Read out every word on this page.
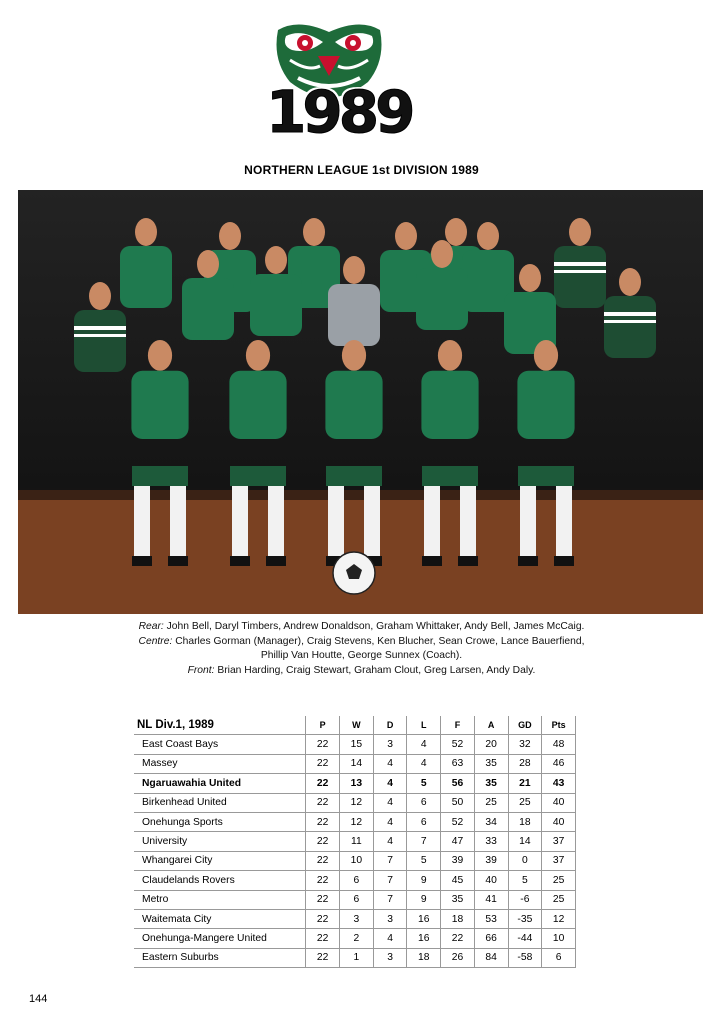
1989
NORTHERN LEAGUE 1st DIVISION 1989
Rear: John Bell, Daryl Timbers, Andrew Donaldson, Graham Whittaker, Andy Bell, James McCaig.
Centre: Charles Gorman (Manager), Craig Stevens, Ken Blucher, Sean Crowe, Lance Bauerfiend,
Phillip Van Houtte, George Sunnex (Coach).
Front: Brian Harding, Craig Stewart, Graham Clout, Greg Larsen, Andy Daly.
NL Div.1, 1989	P	W	D	L	F	A	GD	Pts
East Coast Bays	22	15	3	4	52	20	32	48
Massey	22	14	4	4	63	35	28	46
Ngaruawahia United	22	13	4	5	56	35	21	43
Birkenhead United	22	12	4	6	50	25	25	40
Onehunga Sports	22	12	4	6	52	34	18	40
University	22	11	4	7	47	33	14	37
Whangarei City	22	10	7	5	39	39	0	37
Claudelands Rovers	22	6	7	9	45	40	5	25
Metro	22	6	7	9	35	41	-6	25
Waitemata City	22	3	3	16	18	53	-35	12
Onehunga-Mangere United	22	2	4	16	22	66	-44	10
Eastern Suburbs	22	1	3	18	26	84	-58	6
144
